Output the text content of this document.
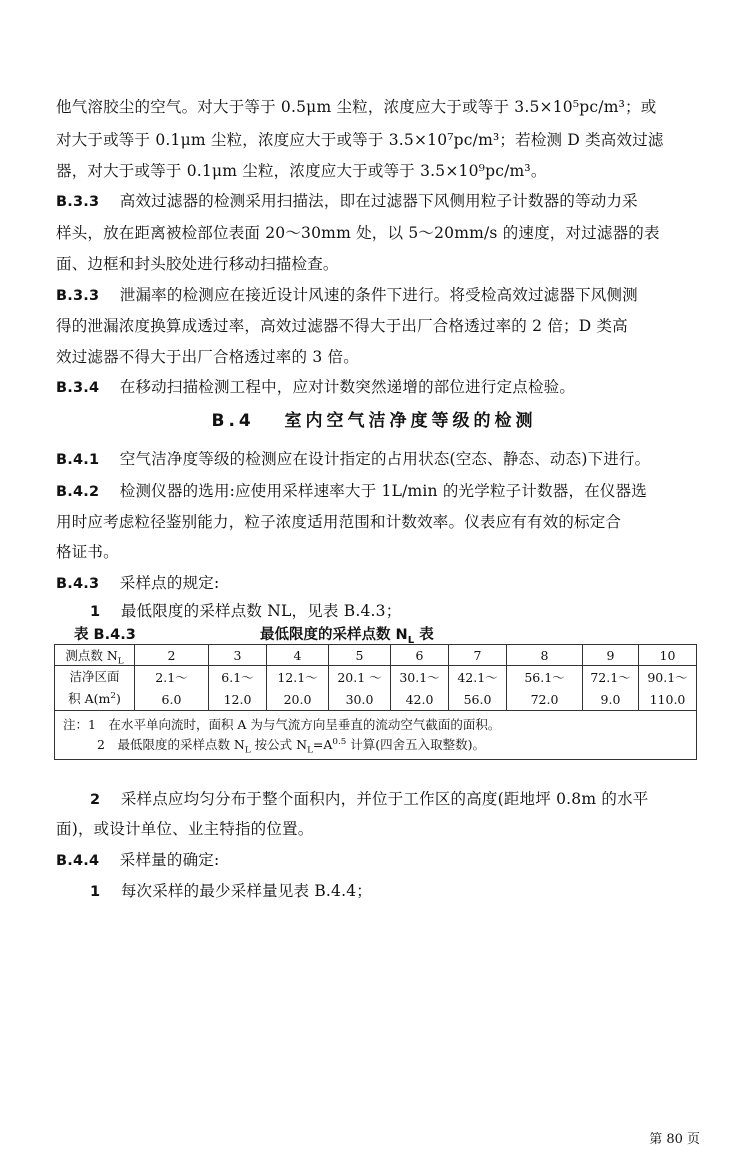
他气溶胶尘的空气。对大于等于 0.5μm 尘粒，浓度应大于或等于 3.5×10⁵pc/m³；或
对大于或等于 0.1μm 尘粒，浓度应大于或等于 3.5×10⁷pc/m³；若检测 D 类高效过滤
器，对大于或等于 0.1μm 尘粒，浓度应大于或等于 3.5×10⁹pc/m³。
B.3.3 高效过滤器的检测采用扫描法，即在过滤器下风侧用粒子计数器的等动力采
样头，放在距离被检部位表面 20～30mm 处，以 5～20mm/s 的速度，对过滤器的表
面、边框和封头胶处进行移动扫描检查。
B.3.3 泄漏率的检测应在接近设计风速的条件下进行。将受检高效过滤器下风侧测
得的泄漏浓度换算成透过率，高效过滤器不得大于出厂合格透过率的 2 倍；D 类高
效过滤器不得大于出厂合格透过率的 3 倍。
B.3.4 在移动扫描检测工程中，应对计数突然递增的部位进行定点检验。
B.4 室内空气洁净度等级的检测
B.4.1 空气洁净度等级的检测应在设计指定的占用状态(空态、静态、动态)下进行。
B.4.2 检测仪器的选用:应使用采样速率大于 1L/min 的光学粒子计数器，在仪器选
用时应考虑粒径鉴别能力，粒子浓度适用范围和计数效率。仪表应有有效的标定合
格证书。
B.4.3 采样点的规定:
1 最低限度的采样点数 NL，见表 B.4.3；
表 B.4.3	最低限度的采样点数 $N_L$ 表
测点数 $N_L$	2	3	4	5	6	7	8	9	10
洁净区面
积 $A(m^2)$	2.1～	6.1～	12.1～	20.1 ～	30.1～	42.1～	56.1～	72.1～	90.1～
	6.0	12.0	20.0	30.0	42.0	56.0	72.0	9.0	110.0

注：1　在水平单向流时，面积 A 为与气流方向呈垂直的流动空气截面的面积。
2　最低限度的采样点数 $N_L$ 按公式 $N_L=A^{0.5}$ 计算(四舍五入取整数)。									
2 采样点应均匀分布于整个面积内，并位于工作区的高度(距地坪 0.8m 的水平
面)，或设计单位、业主特指的位置。
B.4.4 采样量的确定:
1 每次采样的最少采样量见表 B.4.4；
第 80 页
